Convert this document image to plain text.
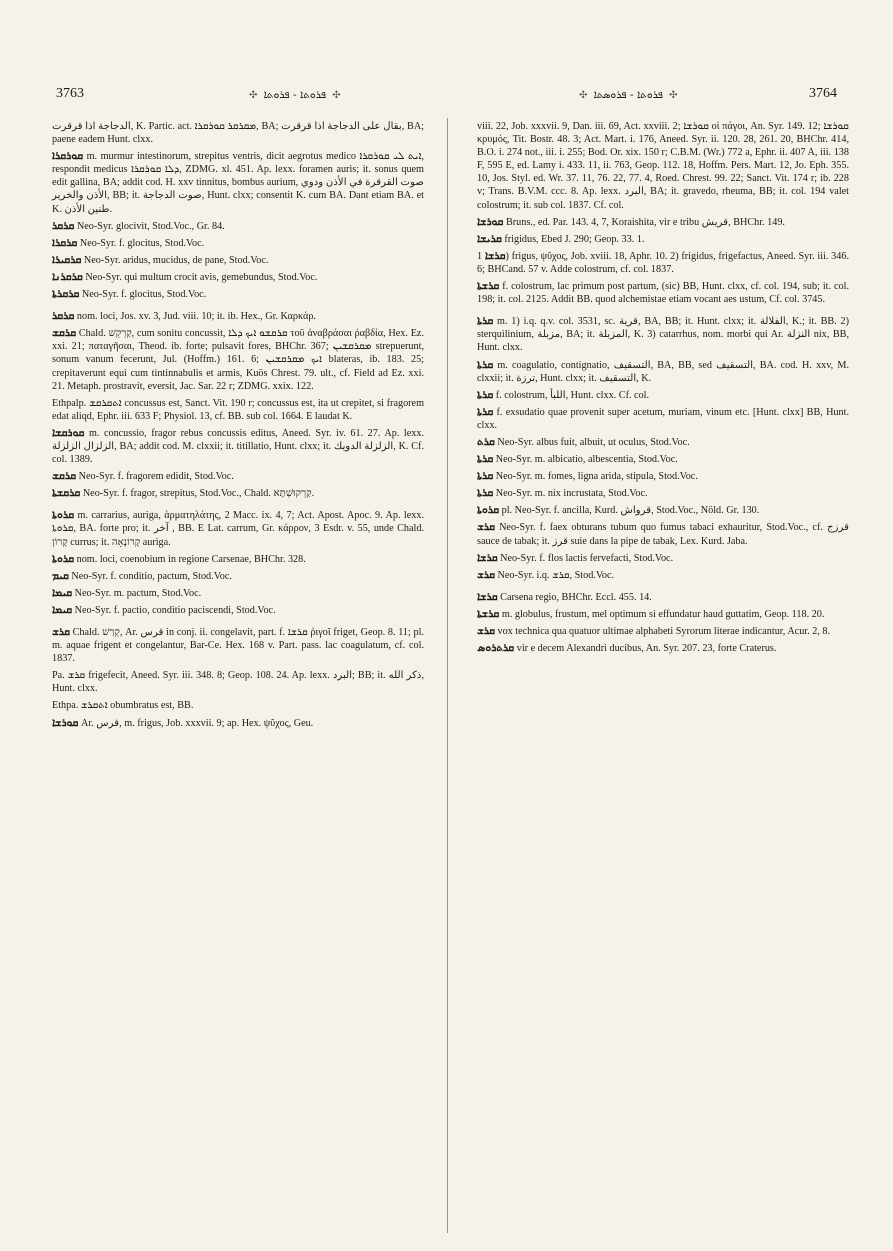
3763	✣ ܦܪܘܬܐ - ܦܪܘܬܐ ✣	✣ ܦܪܘܬܐ - ܦܪܘܣܬܐ ✣	3764

الدجاجة اذا قرقرت, K. Partic. act. ܡܩܪܩܪ ܩܘܪܩܪܐ, BA; بقال على الدجاجة اذا قرقرت, BA; paene eadem Hunt. clxx.

ܩܘܪܩܪܐ m. murmur intestinorum, strepitus ventris, dicit aegrotus medico ܐܝܬ ܠܝ ܩܘܪܩܪܐ, respondit medicus ܕܠܐ ܩܘܪܩܪܐ, ZDMG. xl. 451. Ap. lexx. foramen auris; it. sonus quem edit gallina, BA; addit cod. H. xxv tinnitus, bombus aurium, صوت القرقرة في الأذن ودوي الأذن والخرير, BB; it. صوت الدجاجة, Hunt. clxx; consentit K. cum BA. Dant etiam BA. et K. طنين الأذن.

ܩܪܩܪ Neo-Syr. glocivit, Stod.Voc., Gr. 84.

ܩܪܩܪܐ Neo-Syr. f. glocitus, Stod.Voc.

ܩܪܩܝܪܐ Neo-Syr. aridus, mucidus, de pane, Stod.Voc.

ܩܪܩܪܢܐ Neo-Syr. qui multum crocit avis, gemebundus, Stod.Voc.

ܩܪܩܪܬܐ Neo-Syr. f. glocitus, Stod.Voc.

ܩܪܩܪ nom. loci, Jos. xv. 3, Jud. viii. 10; it. ib. Hex., Gr. Καρκάρ.

ܩܪܩܫ Chald. קַרְקֵשׁ, cum sonitu concussit, ܩܪܩܫܘ ܐܝܟ ܕܠܐ τοῦ ἀναβράσαι ῥαβδία, Hex. Ez. xxi. 21; παταγῆσαι, Theod. ib. forte; pulsavit fores, BHChr. 367; ܡܩܪܩܫܝܢ strepuerunt, sonum vanum fecerunt, Jul. (Hoffm.) 161. 6; ܐܝܟ ܡܩܪܩܫܝܢ blateras, ib. 183. 25; crepitaverunt equi cum tintinnabulis et armis, Kuös Chrest. 79. ult., cf. Field ad Ez. xxi. 21. Metaph. prostravit, eversit, Jac. Sar. 22 r; ZDMG. xxix. 122.

Ethpalp. ܐܬܩܪܩܫ concussus est, Sanct. Vit. 190 r; concussus est, ita ut crepitet, si fragorem edat aliqd, Ephr. iii. 633 F; Physiol. 13, cf. BB. sub col. 1664. E laudat K.

ܩܘܪܩܫܐ m. concussio, fragor rebus concussis editus, Aneed. Syr. iv. 61. 27. Ap. lexx. الزلزال الزلزلة, BA; addit cod. M. clxxii; it. titillatio, Hunt. clxx; it. الزلزلة الدويك, K. Cf. col. 1389.

ܩܪܩܫ Neo-Syr. f. fragorem edidit, Stod.Voc.

ܩܪܩܫܬܐ Neo-Syr. f. fragor, strepitus, Stod.Voc., Chald. קַרְקוּשְׁתָּא.

ܩܪܘܬܐ m. carrarius, auriga, ἁρματηλάτης, 2 Macc. ix. 4, 7; Act. Apost. Apoc. 9. Ap. lexx. ܩܪܘܬܐ, BA. forte pro; it. آخر , BB. E Lat. carrum, Gr. κάρρον, 3 Esdr. v. 55, unde Chald. קָרוֹן currus; it. קָרוֹנָאָה auriga.

ܩܪܘܬܐ nom. loci, coenobium in regione Carsenae, BHChr. 328.

ܩܝܡ Neo-Syr. f. conditio, pactum, Stod.Voc.

ܩܝܡܐ Neo-Syr. m. pactum, Stod.Voc.

ܩܝܡܐ Neo-Syr. f. pactio, conditio paciscendi, Stod.Voc.

ܩܪܫ Chald. קְרַשׁ, Ar. قرس in conj. ii. congelavit, part. f. ܩܪܫܐ ῥιγοῖ friget, Geop. 8. 11; pl. m. aquae frigent et congelantur, Bar-Ce. Hex. 168 v. Part. pass. lac coagulatum, cf. col. 1837.

Pa. ܩܪܫ frigefecit, Aneed. Syr. iii. 348. 8; Geop. 108. 24. Ap. lexx. البرد; BB; it. ذكر الله, Hunt. clxx.

Ethpa. ܐܬܩܪܫ obumbratus est, BB.

ܩܘܪܫܐ Ar. قرس, m. frigus, Job. xxxvii. 9; ap. Hex. ψῦχος, Geu.

viii. 22, Job. xxxvii. 9, Dan. iii. 69, Act. xxviii. 2; ܩܘܪܫܐ οἱ πάγοι, An. Syr. 149. 12; ܩܘܪܫܐ κρυμός, Tit. Bostr. 48. 3; Act. Mart. i. 176, Aneed. Syr. ii. 120. 28, 261. 20, BHChr. 414, B.O. i. 274 not., iii. i. 255; Bod. Or. xix. 150 r; C.B.M. (Wr.) 772 a, Ephr. ii. 407 A, iii. 138 F, 595 E, ed. Lamy i. 433. 11, ii. 763, Geop. 112. 18, Hoffm. Pers. Mart. 12, Jo. Eph. 355. 10, Jos. Styl. ed. Wr. 37. 11, 76. 22, 77. 4, Roed. Chrest. 99. 22; Sanct. Vit. 174 r; ib. 228 v; Trans. B.V.M. ccc. 8. Ap. lexx. البرد, BA; it. gravedo, rheuma, BB; it. col. 194 valet colostrum; it. sub col. 1837. Cf. col.

ܩܘܪܫܐ Bruns., ed. Par. 143. 4, 7, Koraishita, vir e tribu قريش, BHChr. 149.

ܩܪܝܫܐ frigidus, Ebed J. 290; Geop. 33. 1.

ܩܪܫܐ 1) frigus, ψῦχος, Job. xviii. 18, Aphr. 10. 2) frigidus, frigefactus, Aneed. Syr. iii. 346. 6; BHCand. 57 v. Adde colostrum, cf. col. 1837.

ܩܪܫܬܐ f. colostrum, lac primum post partum, (sic) BB, Hunt. clxx, cf. col. 194, sub; it. col. 198; it. col. 2125. Addit BB. quod alchemistae etiam vocant aes ustum, Cf. col. 3745.

ܩܪܬܐ m. 1) i.q. q.v. col. 3531, sc. قرية, BA, BB; it. Hunt. clxx; it. الفلالة, K.; it. BB. 2) sterquilinium, مزبلة, BA; it. المزبلة, K. 3) catarrhus, nom. morbi qui Ar. النزلة nix, BB, Hunt. clxx.

ܩܪܬܐ m. coagulatio, contignatio, التسقيف, BA, BB, sed التسقيف, BA. cod. H. xxv, M. clxxii; it. ترزة, Hunt. clxx; it. التسقيف, K.

ܩܪܬܐ f. colostrum, اللبأ, Hunt. clxx. Cf. col.

ܩܪܬܐ f. exsudatio quae provenit super acetum, muriam, vinum etc. [Hunt. clxx] BB, Hunt. clxx.

ܩܪܬ Neo-Syr. albus fuit, albuit, ut oculus, Stod.Voc.

ܩܪܬܐ Neo-Syr. m. albicatio, albescentia, Stod.Voc.

ܩܪܬܐ Neo-Syr. m. fomes, ligna arida, stipula, Stod.Voc.

ܩܪܬܐ Neo-Syr. m. nix incrustata, Stod.Voc.

ܩܪܘܬܐ pl. Neo-Syr. f. ancilla, Kurd. قرواش, Stod.Voc., Nöld. Gr. 130.

ܩܪܫ Neo-Syr. f. faex obturans tubum quo fumus tabaci exhauritur, Stod.Voc., cf. قرزج sauce de tabak; it. قرز suie dans la pipe de tabak, Lex. Kurd. Jaba.

ܩܪܫܐ Neo-Syr. f. flos lactis fervefacti, Stod.Voc.

ܩܪܫ Neo-Syr. i.q. ܩܪܫ, Stod.Voc.

ܩܪܫܐ Carsena regio, BHChr. Eccl. 455. 14.

ܩܪܫܬܐ m. globulus, frustum, mel optimum si effundatur haud guttatim, Geop. 118. 20.

ܩܪܫ vox technica qua quatuor ultimae alphabeti Syrorum literae indicantur, Acur. 2, 8.

ܩܪܬܪܘܣ vir e decem Alexandri ducibus, An. Syr. 207. 23, forte Craterus.
